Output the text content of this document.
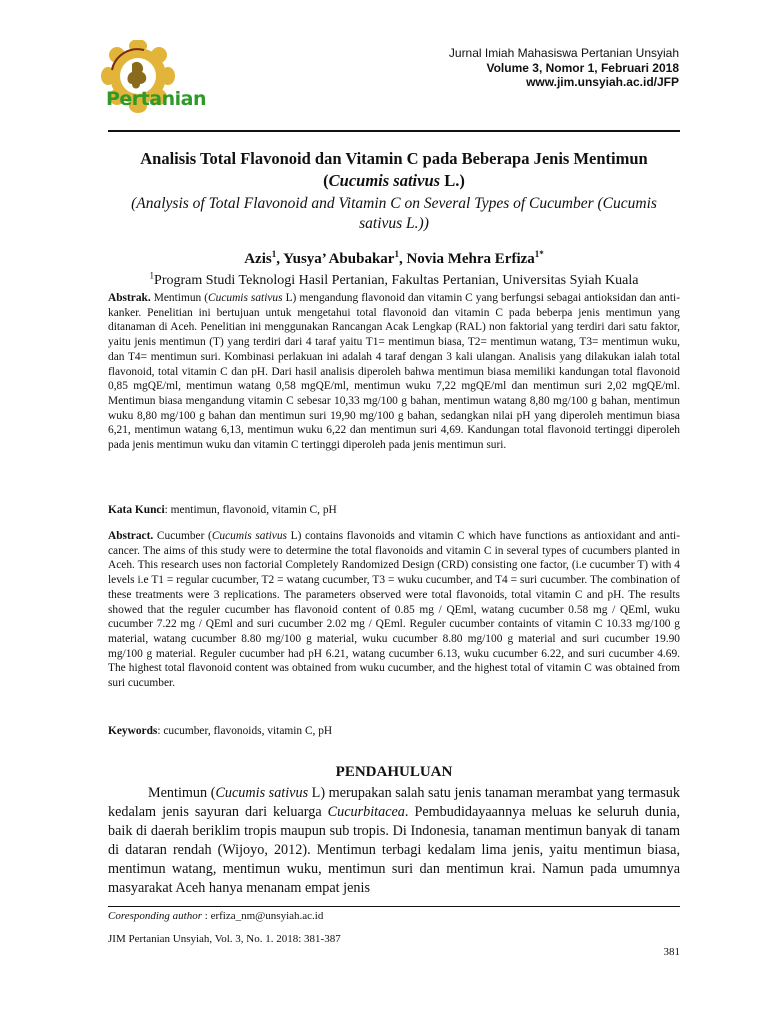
Pertanian
Jurnal Imiah Mahasiswa Pertanian Unsyiah
Volume 3, Nomor 1, Februari 2018
www.jim.unsyiah.ac.id/JFP

Analisis Total Flavonoid dan Vitamin C pada Beberapa Jenis Mentimun
(Cucumis sativus L.)

(Analysis of Total Flavonoid and Vitamin C on Several Types of Cucumber (Cucumis sativus L.))

Azis$^1$, Yusya’ Abubakar$^1$, Novia Mehra Erfiza$^{1*}$
$^1$Program Studi Teknologi Hasil Pertanian, Fakultas Pertanian, Universitas Syiah Kuala

Abstrak. Mentimun (Cucumis sativus L) mengandung flavonoid dan vitamin C yang berfungsi sebagai antioksidan dan anti-kanker. Penelitian ini bertujuan untuk mengetahui total flavonoid dan vitamin C pada beberpa jenis mentimun yang ditanaman di Aceh. Penelitian ini menggunakan Rancangan Acak Lengkap (RAL) non faktorial yang terdiri dari satu faktor, yaitu jenis mentimun (T) yang terdiri dari 4 taraf yaitu T1= mentimun biasa, T2= mentimun watang, T3= mentimun wuku, dan T4= mentimun suri. Kombinasi perlakuan ini adalah 4 taraf dengan 3 kali ulangan. Analisis yang dilakukan ialah total flavonoid, total vitamin C dan pH. Dari hasil analisis diperoleh bahwa mentimun biasa memiliki kandungan total flavonoid 0,85 mgQE/ml, mentimun watang 0,58 mgQE/ml, mentimun wuku 7,22 mgQE/ml dan mentimun suri 2,02 mgQE/ml. Mentimun biasa mengandung vitamin C sebesar 10,33 mg/100 g bahan, mentimun watang 8,80 mg/100 g bahan, mentimun wuku 8,80 mg/100 g bahan dan mentimun suri 19,90 mg/100 g bahan, sedangkan nilai pH yang diperoleh mentimun biasa 6,21, mentimun watang 6,13, mentimun wuku 6,22 dan mentimun suri 4,69. Kandungan total flavonoid tertinggi diperoleh pada jenis mentimun wuku dan vitamin C tertinggi diperoleh pada jenis mentimun suri.

Kata Kunci: mentimun, flavonoid, vitamin C, pH

Abstract. Cucumber (Cucumis sativus L) contains flavonoids and vitamin C which have functions as antioxidant and anti-cancer. The aims of this study were to determine the total flavonoids and vitamin C in several types of cucumbers planted in Aceh. This research uses non factorial Completely Randomized Design (CRD) consisting one factor, (i.e cucumber T) with 4 levels i.e T1 = regular cucumber, T2 = watang cucumber, T3 = wuku cucumber, and T4 = suri cucumber. The combination of these treatments were 3 replications. The parameters observed were total flavonoids, total vitamin C and pH. The results showed that the reguler cucumber has flavonoid content of 0.85 mg / QEml, watang cucumber 0.58 mg / QEml, wuku cucumber 7.22 mg / QEml and suri cucumber 2.02 mg / QEml. Reguler cucumber containts of vitamin C 10.33 mg/100 g material, watang cucumber 8.80 mg/100 g material, wuku cucumber 8.80 mg/100 g material and suri cucumber 19.90 mg/100 g material. Reguler cucumber had pH 6.21, watang cucumber 6.13, wuku cucumber 6.22, and suri cucumber 4.69. The highest total flavonoid content was obtained from wuku cucumber, and the highest total of vitamin C was obtained from suri cucumber.

Keywords: cucumber, flavonoids, vitamin C, pH

PENDAHULUAN

Mentimun (Cucumis sativus L) merupakan salah satu jenis tanaman merambat yang termasuk kedalam jenis sayuran dari keluarga Cucurbitacea. Pembudidayaannya meluas ke seluruh dunia, baik di daerah beriklim tropis maupun sub tropis. Di Indonesia, tanaman mentimun banyak di tanam di dataran rendah (Wijoyo, 2012). Mentimun terbagi kedalam lima jenis, yaitu mentimun biasa, mentimun watang, mentimun wuku, mentimun suri dan mentimun krai. Namun pada umumnya masyarakat Aceh hanya menanam empat jenis

Coresponding author : erfiza_nm@unsyiah.ac.id
JIM Pertanian Unsyiah, Vol. 3, No. 1. 2018: 381-387
381
